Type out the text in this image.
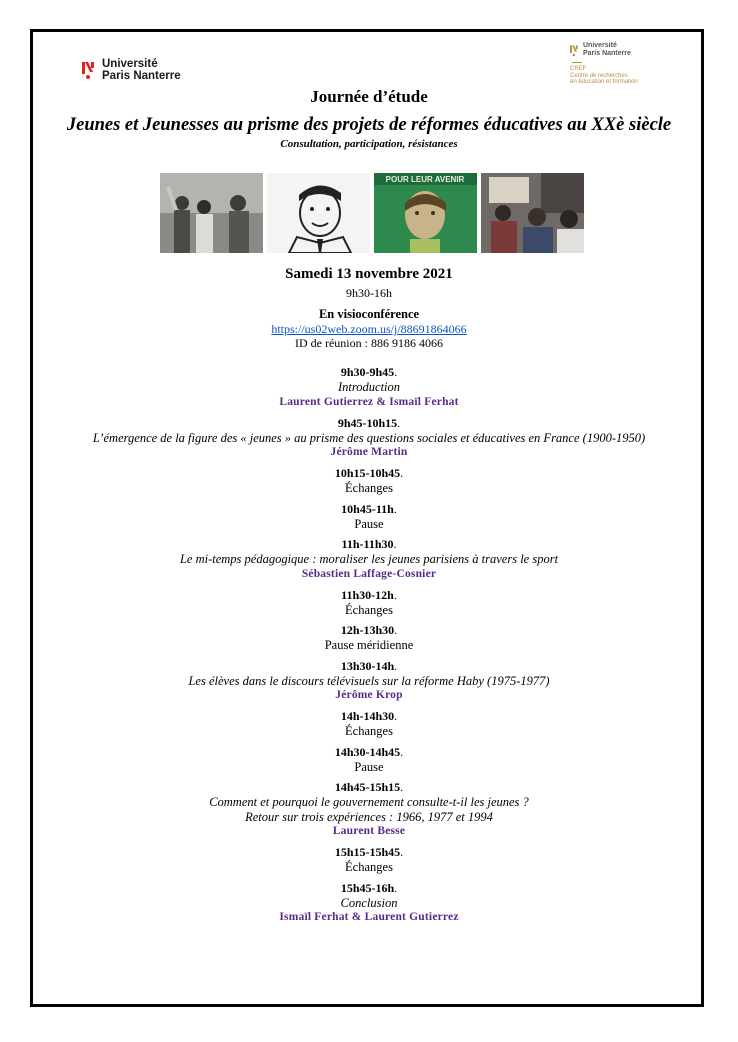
Université
Paris Nanterre
Université
Paris Nanterre
CREF
Centre de recherches
en éducation et formation
Journée d’étude
Jeunes et Jeunesses au prisme des projets de réformes éducatives au XXè siècle
Consultation, participation, résistances
POUR LEUR AVENIR
Samedi 13 novembre 2021
9h30-16h
En visioconférence
https://us02web.zoom.us/j/88691864066
ID de réunion : 886 9186 4066
9h30-9h45.
Introduction
Laurent Gutierrez & Ismaïl Ferhat
9h45-10h15.
L’émergence de la figure des « jeunes » au prisme des questions sociales et éducatives en France (1900-1950)
Jérôme Martin
10h15-10h45.
Échanges
10h45-11h.
Pause
11h-11h30.
Le mi-temps pédagogique : moraliser les jeunes parisiens à travers le sport
Sébastien Laffage-Cosnier
11h30-12h.
Échanges
12h-13h30.
Pause méridienne
13h30-14h.
Les élèves dans le discours télévisuels sur la réforme Haby (1975-1977)
Jérôme Krop
14h-14h30.
Échanges
14h30-14h45.
Pause
14h45-15h15.
Comment et pourquoi le gouvernement consulte-t-il les jeunes ?
Retour sur trois expériences : 1966, 1977 et 1994
Laurent Besse
15h15-15h45.
Échanges
15h45-16h.
Conclusion
Ismaïl Ferhat & Laurent Gutierrez
